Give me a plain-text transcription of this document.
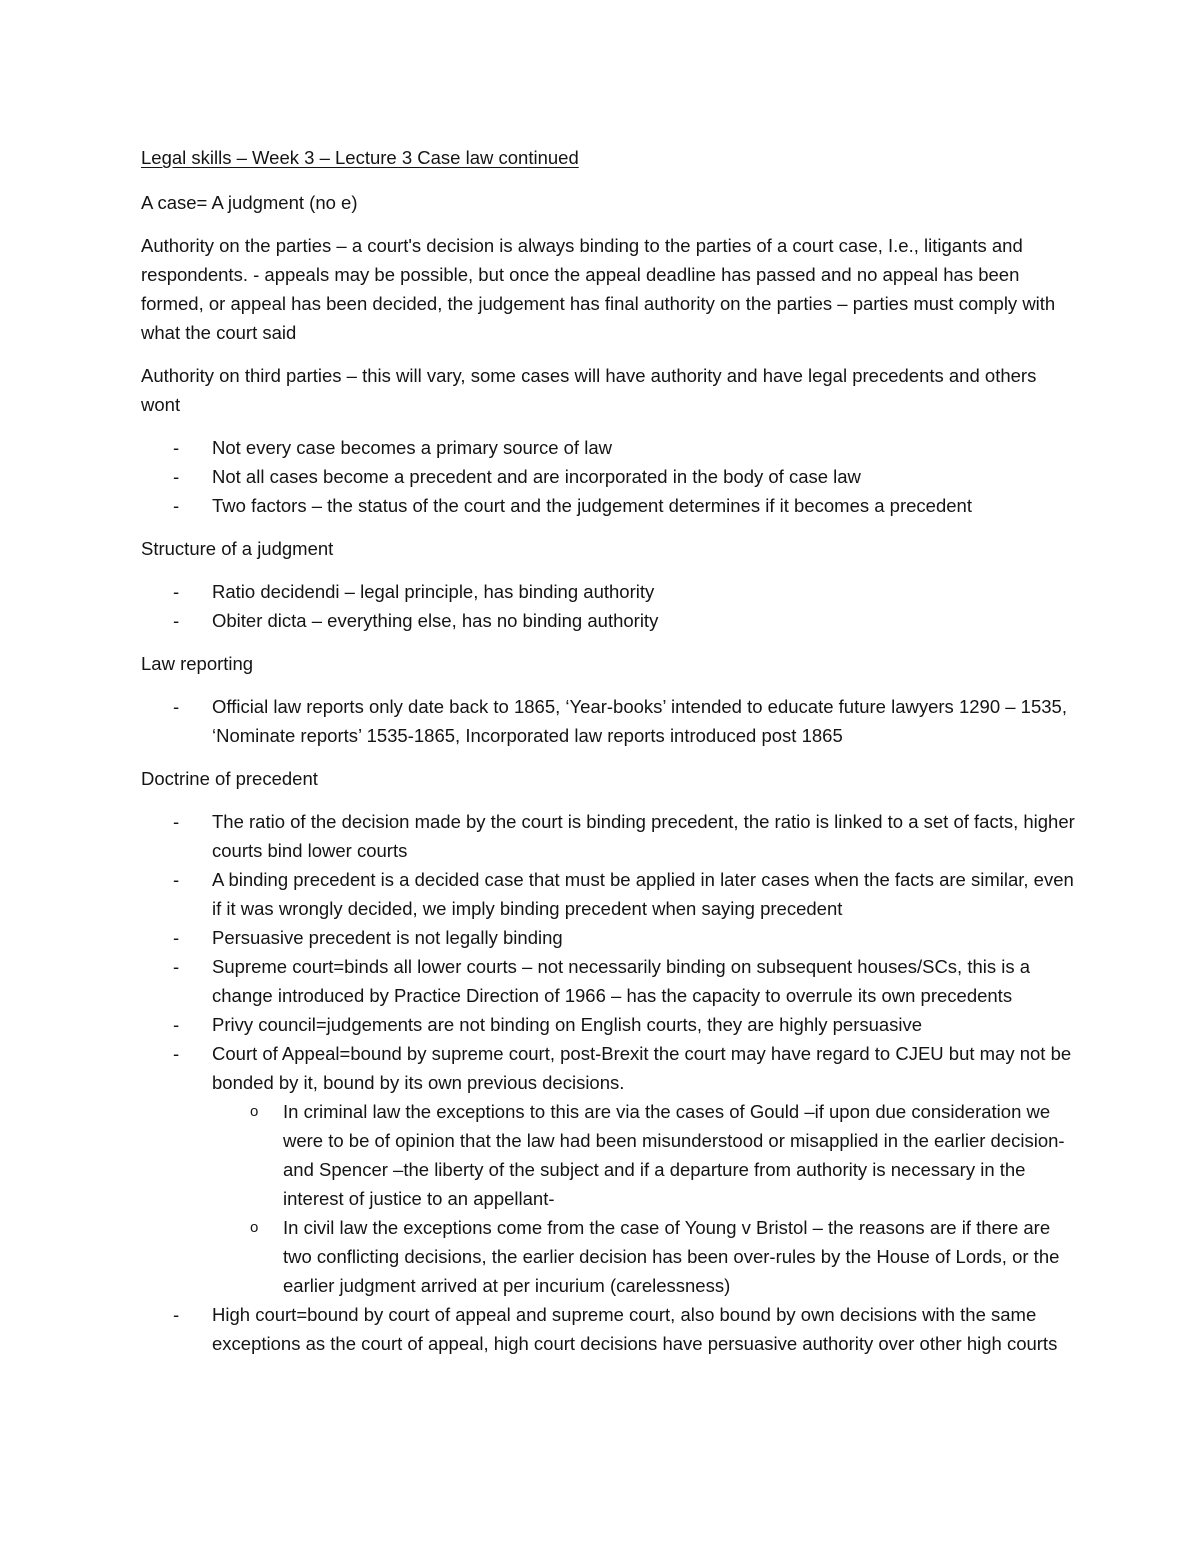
Legal skills – Week 3 – Lecture 3 Case law continued

A case= A judgment (no e)

Authority on the parties – a court's decision is always binding to the parties of a court case, I.e., litigants and respondents. - appeals may be possible, but once the appeal deadline has passed and no appeal has been formed, or appeal has been decided, the judgement has final authority on the parties – parties must comply with what the court said

Authority on third parties – this will vary, some cases will have authority and have legal precedents and others wont

- Not every case becomes a primary source of law
- Not all cases become a precedent and are incorporated in the body of case law
- Two factors – the status of the court and the judgement determines if it becomes a precedent

Structure of a judgment

- Ratio decidendi – legal principle, has binding authority
- Obiter dicta – everything else, has no binding authority

Law reporting

- Official law reports only date back to 1865, ‘Year-books’ intended to educate future lawyers 1290 – 1535, ‘Nominate reports’ 1535-1865, Incorporated law reports introduced post 1865

Doctrine of precedent

- The ratio of the decision made by the court is binding precedent, the ratio is linked to a set of facts, higher courts bind lower courts
- A binding precedent is a decided case that must be applied in later cases when the facts are similar, even if it was wrongly decided, we imply binding precedent when saying precedent
- Persuasive precedent is not legally binding
- Supreme court=binds all lower courts – not necessarily binding on subsequent houses/SCs, this is a change introduced by Practice Direction of 1966 – has the capacity to overrule its own precedents
- Privy council=judgements are not binding on English courts, they are highly persuasive
- Court of Appeal=bound by supreme court, post-Brexit the court may have regard to CJEU but may not be bonded by it, bound by its own previous decisions.
o In criminal law the exceptions to this are via the cases of Gould –if upon due consideration we were to be of opinion that the law had been misunderstood or misapplied in the earlier decision- and Spencer –the liberty of the subject and if a departure from authority is necessary in the interest of justice to an appellant-
o In civil law the exceptions come from the case of Young v Bristol – the reasons are if there are two conflicting decisions, the earlier decision has been over-rules by the House of Lords, or the earlier judgment arrived at per incurium (carelessness)
- High court=bound by court of appeal and supreme court, also bound by own decisions with the same exceptions as the court of appeal, high court decisions have persuasive authority over other high courts
